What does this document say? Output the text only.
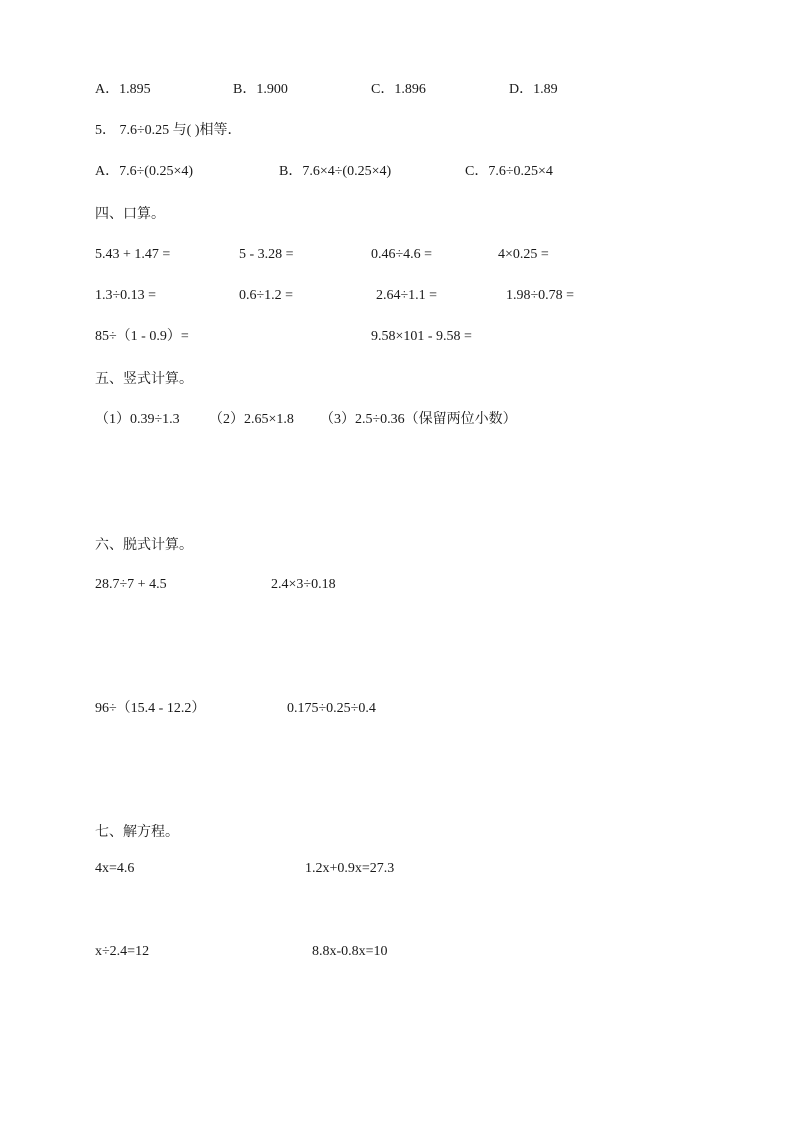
A．1.895	B．1.900	C．1.896	D．1.89
5． 7.6÷0.25 与( )相等．
A．7.6÷(0.25×4)	B．7.6×4÷(0.25×4)	C．7.6÷0.25×4
四、口算。
5.43 + 1.47 =	5 - 3.28 =	0.46÷4.6 =	4×0.25 =
1.3÷0.13 =	0.6÷1.2 =	2.64÷1.1 =	1.98÷0.78 =
85÷（1 - 0.9）=	9.58×101 - 9.58 =
五、竖式计算。
（1）0.39÷1.3 （2）2.65×1.8 （3）2.5÷0.36（保留两位小数）
六、脱式计算。
28.7÷7 + 4.5	2.4×3÷0.18
96÷（15.4 - 12.2）	0.175÷0.25÷0.4
七、解方程。
4x=4.6	1.2x+0.9x=27.3
x÷2.4=12	8.8x-0.8x=10
